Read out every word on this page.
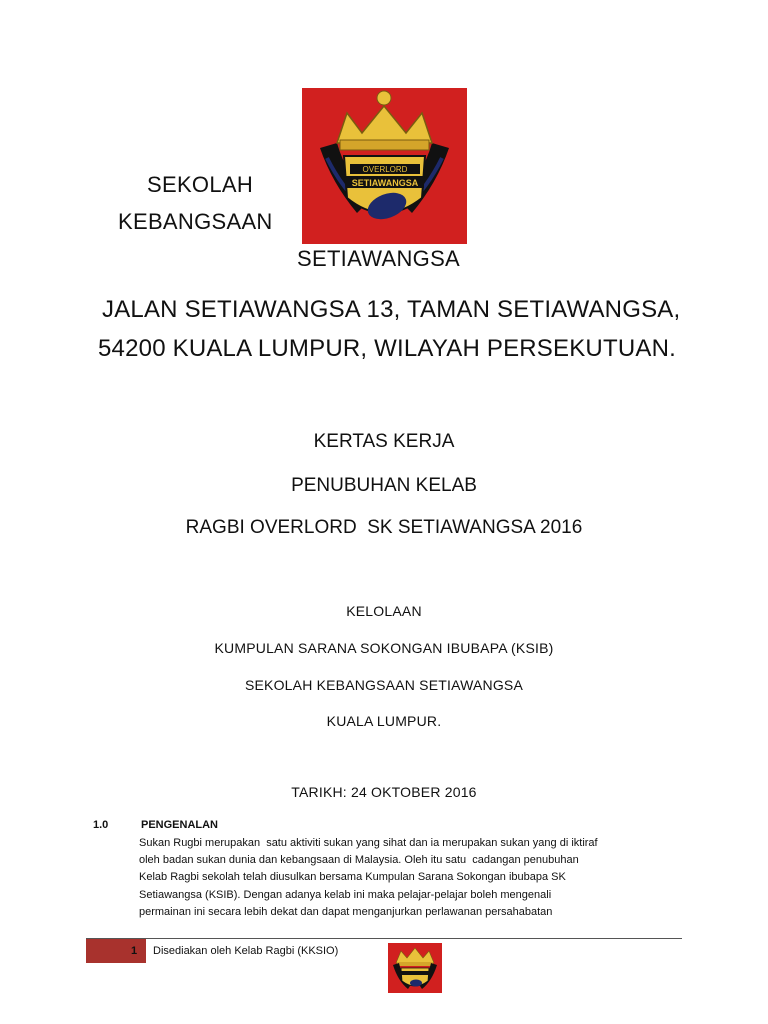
OVERLORD
SETIAWANGSA
SEKOLAH
KEBANGSAAN
SETIAWANGSA
JALAN SETIAWANGSA 13, TAMAN SETIAWANGSA,
54200 KUALA LUMPUR, WILAYAH PERSEKUTUAN.
KERTAS KERJA
PENUBUHAN KELAB
RAGBI OVERLORD  SK SETIAWANGSA 2016
KELOLAAN
KUMPULAN SARANA SOKONGAN IBUBAPA (KSIB)
SEKOLAH KEBANGSAAN SETIAWANGSA
KUALA LUMPUR.
TARIKH: 24 OKTOBER 2016
1.0	PENGENALAN

Sukan Rugbi merupakan  satu aktiviti sukan yang sihat dan ia merupakan sukan yang di iktiraf

oleh badan sukan dunia dan kebangsaan di Malaysia. Oleh itu satu  cadangan penubuhan

Kelab Ragbi sekolah telah diusulkan bersama Kumpulan Sarana Sokongan ibubapa SK

Setiawangsa (KSIB). Dengan adanya kelab ini maka pelajar-pelajar boleh mengenali

permainan ini secara lebih dekat dan dapat menganjurkan perlawanan persahabatan

1 Disediakan oleh Kelab Ragbi (KKSIO)
